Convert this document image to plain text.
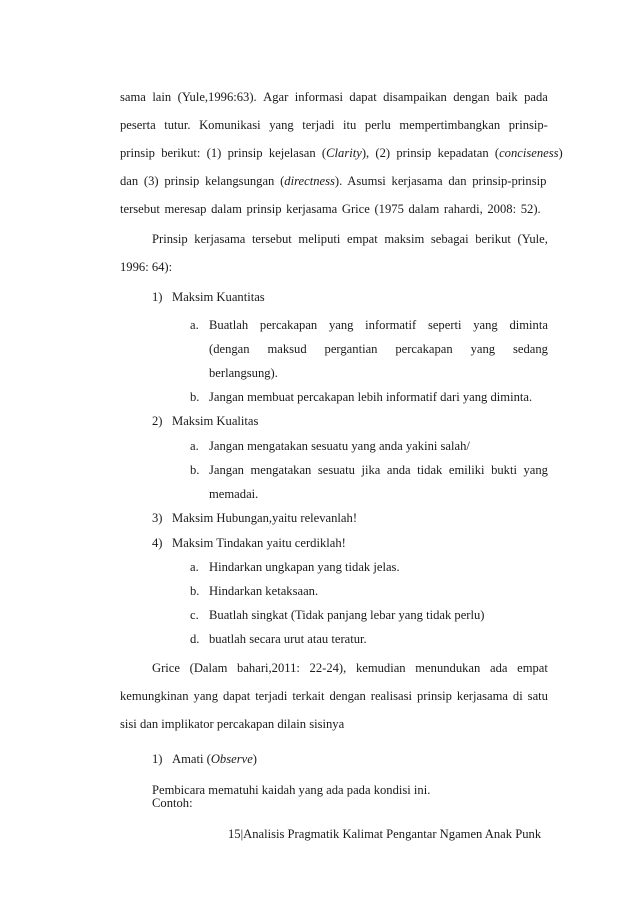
sama lain (Yule,1996:63). Agar informasi dapat disampaikan dengan baik pada
peserta tutur. Komunikasi yang terjadi itu perlu mempertimbangkan prinsip-
prinsip berikut: (1) prinsip kejelasan (Clarity), (2) prinsip kepadatan (conciseness)
dan (3) prinsip kelangsungan (directness). Asumsi kerjasama dan prinsip-prinsip
tersebut meresap dalam prinsip kerjasama Grice (1975 dalam rahardi, 2008: 52).
Prinsip kerjasama tersebut meliputi empat maksim sebagai berikut (Yule,
1996: 64):
1) Maksim Kuantitas
a. Buatlah percakapan yang informatif seperti yang diminta
(dengan maksud pergantian percakapan yang sedang
berlangsung).
b. Jangan membuat percakapan lebih informatif dari yang diminta.
2) Maksim Kualitas
a. Jangan mengatakan sesuatu yang anda yakini salah/
b. Jangan mengatakan sesuatu jika anda tidak emiliki bukti yang
memadai.
3) Maksim Hubungan,yaitu relevanlah!
4) Maksim Tindakan yaitu cerdiklah!
a. Hindarkan ungkapan yang tidak jelas.
b. Hindarkan ketaksaan.
c. Buatlah singkat (Tidak panjang lebar yang tidak perlu)
d. buatlah secara urut atau teratur.
Grice (Dalam bahari,2011: 22-24), kemudian menundukan ada empat
kemungkinan yang dapat terjadi terkait dengan realisasi prinsip kerjasama di satu
sisi dan implikator percakapan dilain sisinya
1) Amati (Observe)
Pembicara mematuhi kaidah yang ada pada kondisi ini.
Contoh:
15|Analisis Pragmatik Kalimat Pengantar Ngamen Anak Punk
